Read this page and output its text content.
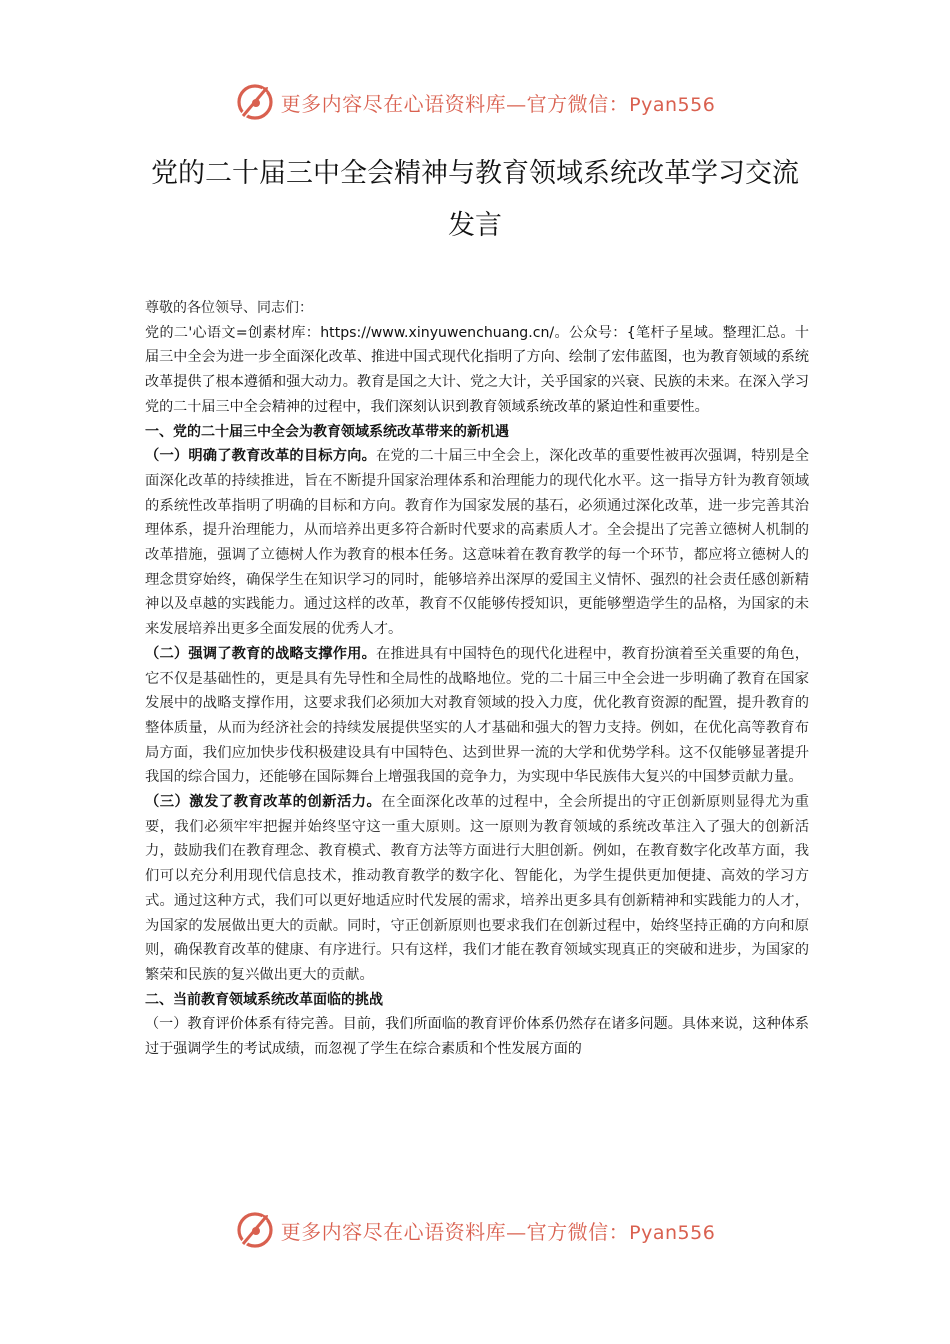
更多内容尽在心语资料库—官方微信：Pyan556
党的二十届三中全会精神与教育领域系统改革学习交流发言

尊敬的各位领导、同志们：

党的二'心语文=创素材库：https://www.xinyuwenchuang.cn/。公众号：{笔杆子星域。整理汇总。十届三中全会为进一步全面深化改革、推进中国式现代化指明了方向、绘制了宏伟蓝图，也为教育领域的系统改革提供了根本遵循和强大动力。教育是国之大计、党之大计，关乎国家的兴衰、民族的未来。在深入学习党的二十届三中全会精神的过程中，我们深刻认识到教育领域系统改革的紧迫性和重要性。

一、党的二十届三中全会为教育领域系统改革带来的新机遇

（一）明确了教育改革的目标方向。在党的二十届三中全会上，深化改革的重要性被再次强调，特别是全面深化改革的持续推进，旨在不断提升国家治理体系和治理能力的现代化水平。这一指导方针为教育领域的系统性改革指明了明确的目标和方向。教育作为国家发展的基石，必须通过深化改革，进一步完善其治理体系，提升治理能力，从而培养出更多符合新时代要求的高素质人才。全会提出了完善立德树人机制的改革措施，强调了立德树人作为教育的根本任务。这意味着在教育教学的每一个环节，都应将立德树人的理念贯穿始终，确保学生在知识学习的同时，能够培养出深厚的爱国主义情怀、强烈的社会责任感创新精神以及卓越的实践能力。通过这样的改革，教育不仅能够传授知识，更能够塑造学生的品格，为国家的未来发展培养出更多全面发展的优秀人才。

（二）强调了教育的战略支撑作用。在推进具有中国特色的现代化进程中，教育扮演着至关重要的角色，它不仅是基础性的，更是具有先导性和全局性的战略地位。党的二十届三中全会进一步明确了教育在国家发展中的战略支撑作用，这要求我们必须加大对教育领域的投入力度，优化教育资源的配置，提升教育的整体质量，从而为经济社会的持续发展提供坚实的人才基础和强大的智力支持。例如，在优化高等教育布局方面，我们应加快步伐积极建设具有中国特色、达到世界一流的大学和优势学科。这不仅能够显著提升我国的综合国力，还能够在国际舞台上增强我国的竞争力，为实现中华民族伟大复兴的中国梦贡献力量。

（三）激发了教育改革的创新活力。在全面深化改革的过程中，全会所提出的守正创新原则显得尤为重要，我们必须牢牢把握并始终坚守这一重大原则。这一原则为教育领域的系统改革注入了强大的创新活力，鼓励我们在教育理念、教育模式、教育方法等方面进行大胆创新。例如，在教育数字化改革方面，我们可以充分利用现代信息技术，推动教育教学的数字化、智能化，为学生提供更加便捷、高效的学习方式。通过这种方式，我们可以更好地适应时代发展的需求，培养出更多具有创新精神和实践能力的人才，为国家的发展做出更大的贡献。同时，守正创新原则也要求我们在创新过程中，始终坚持正确的方向和原则，确保教育改革的健康、有序进行。只有这样，我们才能在教育领域实现真正的突破和进步，为国家的繁荣和民族的复兴做出更大的贡献。

二、当前教育领域系统改革面临的挑战

（一）教育评价体系有待完善。目前，我们所面临的教育评价体系仍然存在诸多问题。具体来说，这种体系过于强调学生的考试成绩，而忽视了学生在综合素质和个性发展方面的

更多内容尽在心语资料库—官方微信：Pyan556
